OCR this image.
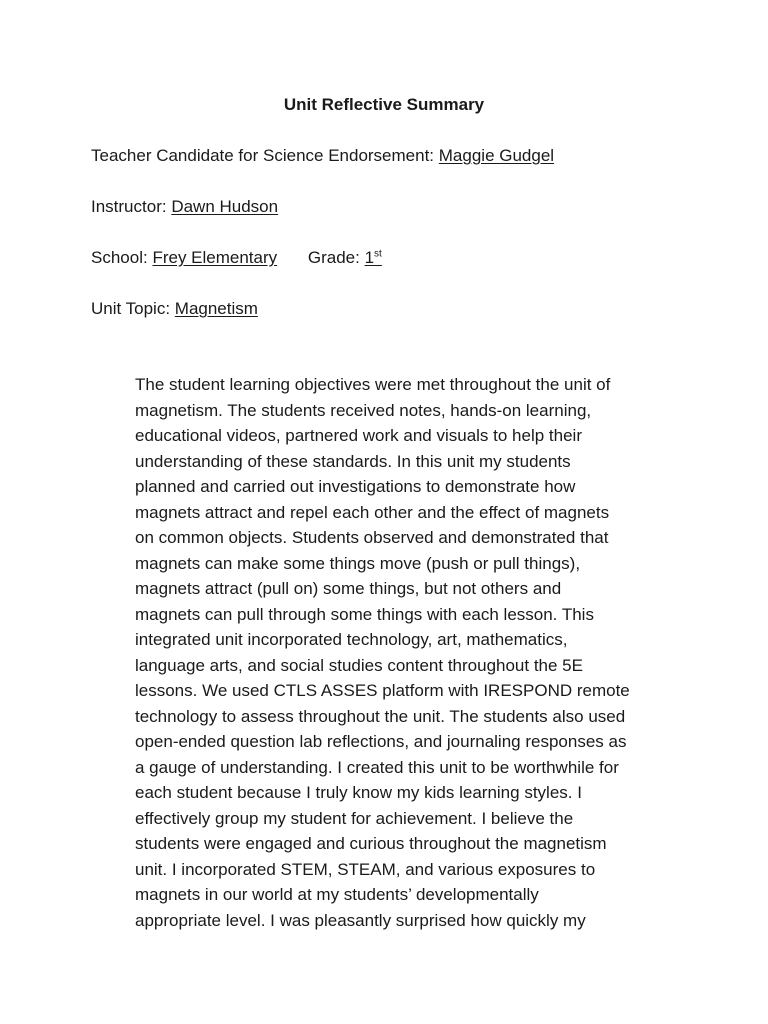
Unit Reflective Summary
Teacher Candidate for Science Endorsement: Maggie Gudgel
Instructor: Dawn Hudson
School: Frey Elementary Grade: 1st
Unit Topic: Magnetism
The student learning objectives were met throughout the unit of
magnetism. The students received notes, hands-on learning,
educational videos, partnered work and visuals to help their
understanding of these standards. In this unit my students
planned and carried out investigations to demonstrate how
magnets attract and repel each other and the effect of magnets
on common objects. Students observed and demonstrated that
magnets can make some things move (push or pull things),
magnets attract (pull on) some things, but not others and
magnets can pull through some things with each lesson. This
integrated unit incorporated technology, art, mathematics,
language arts, and social studies content throughout the 5E
lessons. We used CTLS ASSES platform with IRESPOND remote
technology to assess throughout the unit. The students also used
open-ended question lab reflections, and journaling responses as
a gauge of understanding. I created this unit to be worthwhile for
each student because I truly know my kids learning styles. I
effectively group my student for achievement. I believe the
students were engaged and curious throughout the magnetism
unit. I incorporated STEM, STEAM, and various exposures to
magnets in our world at my students’ developmentally
appropriate level. I was pleasantly surprised how quickly my
